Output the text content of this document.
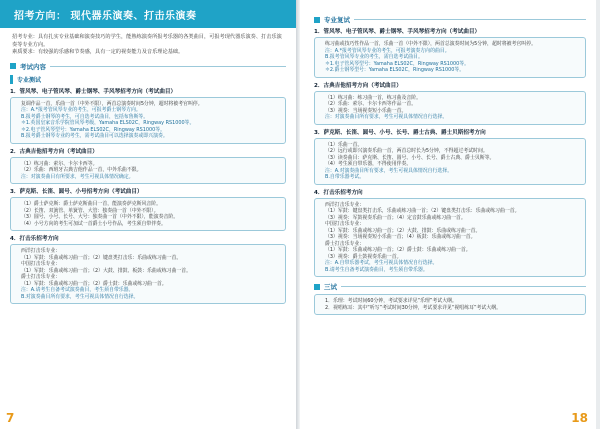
招考方向： 现代器乐演奏、打击乐演奏
招考专业：具有扎实专业基础和演奏技巧的学生，能熟练演奏所报考乐器的各类曲目，可报考现代器乐演奏、打击乐演奏等专业方向。
素质要求：有较强的乐感和节奏感，具有一定的视奏能力及音乐理论基础。
考试内容
专业测试
1．管风琴、电子管风琴、爵士钢琴、手风琴招考方向（考试曲目）
复调作品一首，乐曲一首（中外不限），两首总演奏时间5分钟，超时将被考官叫停。
注：A.*报考管风琴专业的考生，可报考爵士钢琴方向。
B.报考爵士钢琴的考生，可自选考试曲目，包括布鲁斯等。
＊1.英国皇家音乐学院管风琴考级，Yamaha ELS02C，Ringway RS1000等。
＊2.电子管风琴型号：Yamaha ELS02C，Ringway RS1000等。
B.报考爵士钢琴专业的考生，需考试曲目可以选择演奏或即兴演奏。
2．古典吉他招考方向（考试曲目）
（1）练习曲：索尔、卡尔卡西等。
（2）乐曲：西班牙古典吉他作品一首，中外乐曲不限。
注：对演奏曲目有所要求，考生可视具体情况确定。
3．萨克斯、长笛、圆号、小号招考方向（考试曲目）
（1）爵士萨克斯：爵士萨克斯曲目一首，能演奏萨克斯风音阶。
（2）长笛、双簧管、单簧管、大管：独奏曲一首（中外不限）。
（3）圆号、小号、长号、大号：独奏曲一首（中外不限），能演奏音阶。
（4）小号方向的考生可加试一首爵士小号作品，考生须自带伴奏。
4．打击乐招考方向
西洋打击乐专业：
（1）军鼓：乐曲或练习曲一首；（2）键盘类打击乐：乐曲或练习曲一首。
中国打击乐专业：
（1）军鼓：乐曲或练习曲一首；（2）大鼓、排鼓、板鼓：乐曲或练习曲一首。
爵士打击乐专业：
（1）军鼓：乐曲或练习曲一首；（2）爵士鼓：乐曲或练习曲一首。
注：A.请考生自备考试演奏曲目，考生须自带乐器。
B.对演奏曲目所有要求，考生可视具体情况自行选择。
7
专业复试
1．管风琴、电子管风琴、爵士钢琴、手风琴招考方向（考试曲目）
练习曲或技巧性作品一首，乐曲一首（中外不限），两首总演奏时间为5分钟，超时将被考官叫停。
注：A.*报考管风琴专业的考生，可报考演奏方向的曲目。
B.报考管风琴专业的考生，需自选考试曲目。
＊1.电子管风琴型号：Yamaha ELS02C，Ringway RS1000等。
＊2.爵士钢琴型号：Yamaha ELS02C，Ringway RS1000等。
2．古典吉他招考方向（考试曲目）
（1）练习曲：练习曲一首，练习曲及音阶。
（2）乐曲：索尔、卡尔卡西等作品一首。
（3）视奏：当场视奏短小乐曲一首。
注：对演奏曲目所有要求，考生可视具体情况自行选择。
3．萨克斯、长笛、圆号、小号、长号、爵士古典、爵士贝斯招考方向
（1）乐曲一首。
（2）远行或即兴演奏乐曲一首，两首总时长为5分钟，不得超过考试时间。
（3）读奏曲目：萨克斯、长笛、圆号、小号、长号、爵士古典、爵士贝斯等。
（4）考生须自带乐器，不得使用伴奏。
注：A.对演奏曲目所有要求，考生可视具体情况自行选择。
B.自带乐器考试。
4．打击乐招考方向
西洋打击乐专业：
（1）军鼓：键盘类打击乐，乐曲或练习曲一首；（2）键盘类打击乐：乐曲或练习曲一首。
（3）视奏：军鼓视奏乐曲一首；（4）定音鼓乐曲或练习曲一首。
中国打击乐专业：
（1）军鼓：乐曲或练习曲一首；（2）大鼓、排鼓：乐曲或练习曲一首。
（3）视奏：当场视奏短小乐曲一首；（4）板鼓：乐曲或练习曲一首。
爵士打击乐专业：
（1）军鼓：乐曲或练习曲一首；（2）爵士鼓：乐曲或练习曲一首。
（3）视奏：爵士鼓视奏乐曲一首。
注：A.自带乐器考试，考生可视具体情况自行选择。
B.请考生自备考试演奏曲目，考生须自带乐器。
三试
1．乐理：考试时间60分钟，考试要求详见“乐理”考试大纲。
2．视唱练耳：其中“听写”考试时间30分钟，考试要求详见“视唱练耳”考试大纲。
18
